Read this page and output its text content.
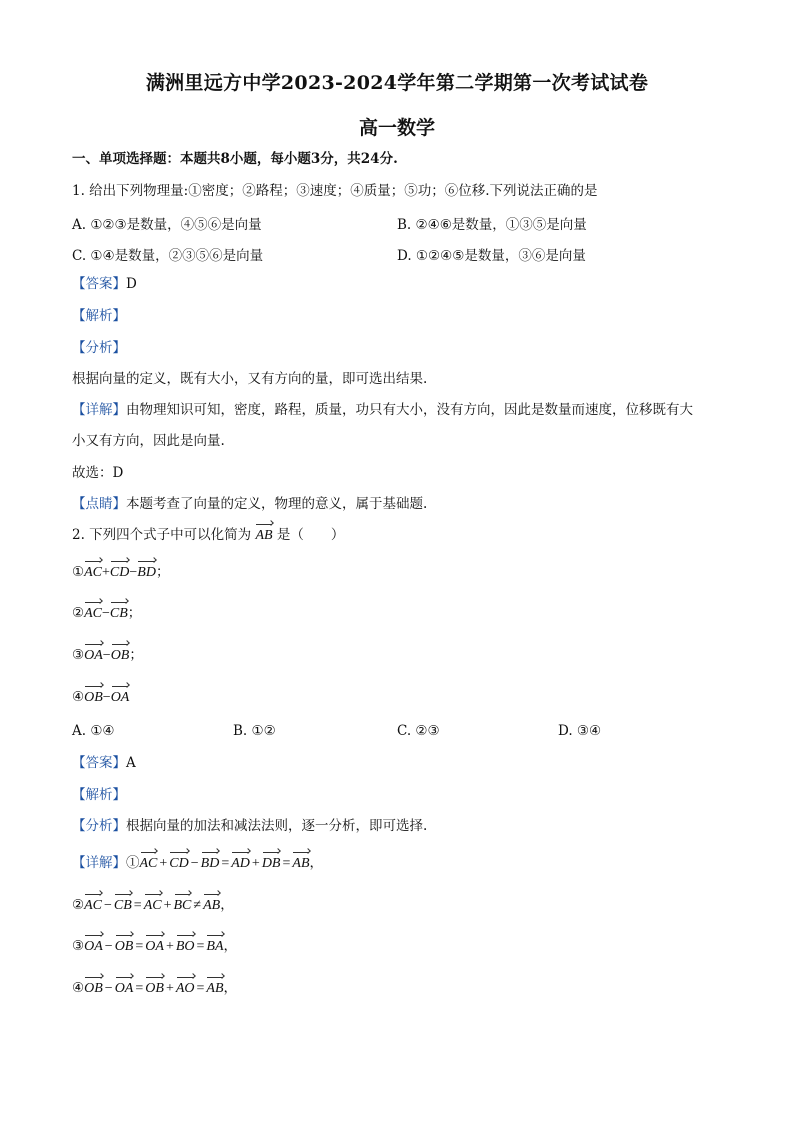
满洲里远方中学2023-2024学年第二学期第一次考试试卷
高一数学
一、单项选择题：本题共8小题，每小题3分，共24分.
1. 给出下列物理量:①密度；②路程；③速度；④质量；⑤功；⑥位移.下列说法正确的是
A. ①②③是数量，④⑤⑥是向量	B. ②④⑥是数量，①③⑤是向量
C. ①④是数量，②③⑤⑥是向量	D. ①②④⑤是数量，③⑥是向量
【答案】D
【解析】
【分析】
根据向量的定义，既有大小，又有方向的量，即可选出结果.
【详解】由物理知识可知，密度，路程，质量，功只有大小，没有方向，因此是数量而速度，位移既有大
小又有方向，因此是向量.
故选：D
【点睛】本题考查了向量的定义，物理的意义，属于基础题.
2. 下列四个式子中可以化简为 AB 是（　　）
①AC+CD−BD；
②AC−CB；
③OA−OB；
④OB−OA
A. ①④	B. ①②	C. ②③	D. ③④
【答案】A
【解析】
【分析】根据向量的加法和减法法则，逐一分析，即可选择.
【详解】①AC + CD − BD = AD + DB = AB，
②AC − CB = AC + BC ≠ AB，
③OA − OB = OA + BO = BA，
④OB − OA = OB + AO = AB，
